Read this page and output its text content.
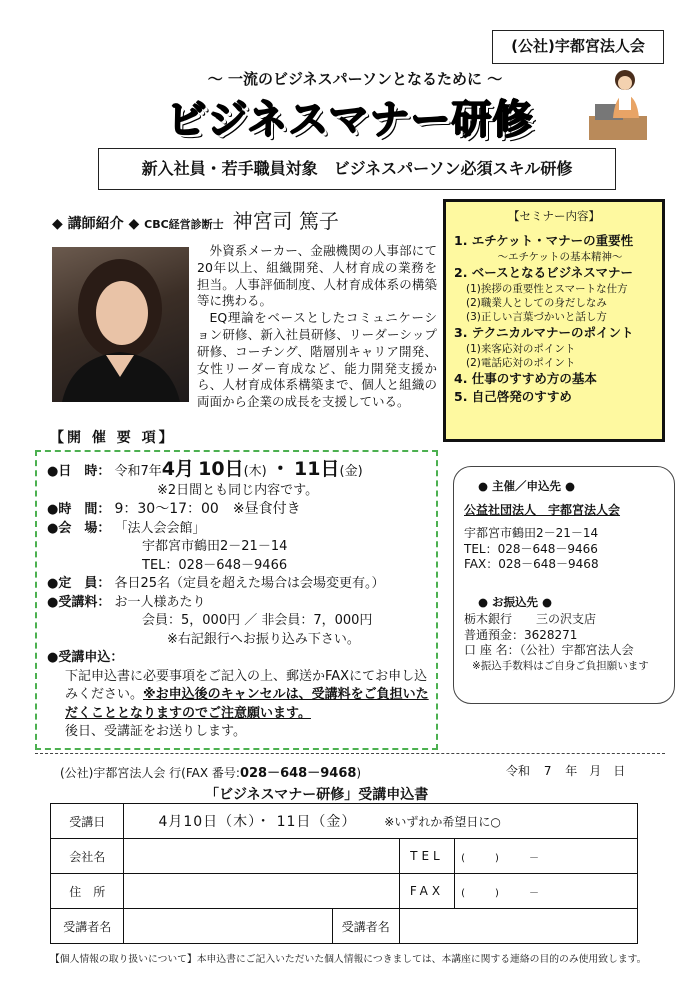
(公社)宇都宮法人会
～ 一流のビジネスパーソンとなるために ～
ビジネスマナー研修
新入社員・若手職員対象　ビジネスパーソン必須スキル研修
◆ 講師紹介 ◆ CBC経営診断士 神宮司 篤子

外資系メーカー、金融機関の人事部にて20年以上、組織開発、人材育成の業務を担当。人事評価制度、人材育成体系の構築等に携わる。

EQ理論をベースとしたコミュニケーション研修、新入社員研修、リーダーシップ研修、コーチング、階層別キャリア開発、女性リーダー育成など、能力開発支援から、人材育成体系構築まで、個人と組織の両面から企業の成長を支援している。

【セミナー内容】
1. エチケット・マナーの重要性
～エチケットの基本精神～
2. ベースとなるビジネスマナー
(1)挨拶の重要性とスマートな仕方
(2)職業人としての身だしなみ
(3)正しい言葉づかいと話し方
3. テクニカルマナーのポイント
(1)来客応対のポイント
(2)電話応対のポイント
4. 仕事のすすめ方の基本
5. 自己啓発のすすめ
【開 催 要 項】
●日　時： 令和7年4月 10日(木) ・ 11日(金)
※2日間とも同じ内容です。
●時　間： 9：30～17：00　※昼食付き
●会　場： 「法人会会館」
宇都宮市鶴田2－21－14
TEL：028－648－9466
●定　員： 各日25名（定員を超えた場合は会場変更有。）
●受講料： お一人様あたり
会員：5，000円 ／ 非会員：7，000円
※右記銀行へお振り込み下さい。
●受講申込：
下記申込書に必要事項をご記入の上、郵送かFAXにてお申し込みください。※お申込後のキャンセルは、受講料をご負担いただくこととなりますのでご注意願います。
後日、受講証をお送りします。
● 主催／申込先 ●
公益社団法人　宇都宮法人会
宇都宮市鶴田2－21－14
TEL：028－648－9466
FAX：028－648－9468
● お振込先 ●
栃木銀行　　三の沢支店
普通預金：3628271
口 座 名：（公社）宇都宮法人会
※振込手数料はご自身ご負担願います
(公社)宇都宮法人会 行(FAX 番号:028－648－9468)	令和 7 年　月　日
「ビジネスマナー研修」受講申込書
受講日	4月10日（木）・ 11日（金） ※いずれか希望日に○			
会社名			TEL	(　　　)　　　－
住　所			FAX	(　　　)　　　－
受講者名		受講者名		
【個人情報の取り扱いについて】本申込書にご記入いただいた個人情報につきましては、本講座に関する連絡の目的のみ使用致します。
